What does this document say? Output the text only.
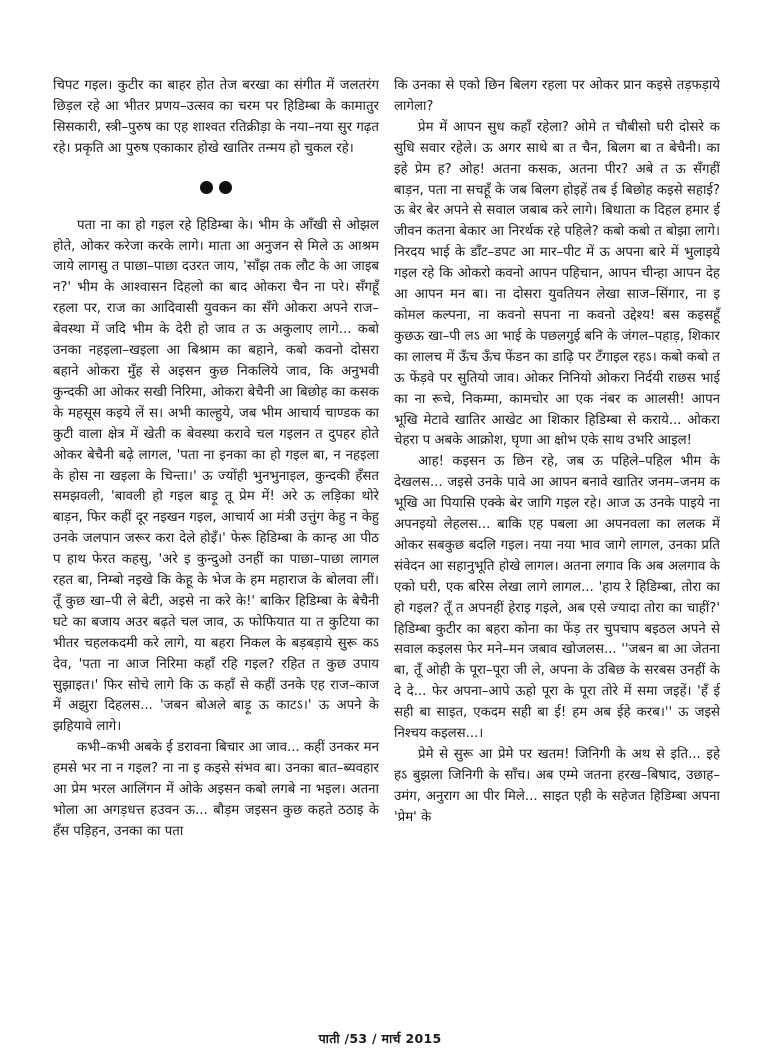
चिपट गइल। कुटीर का बाहर होत तेज बरखा का संगीत में जलतरंग छिड़ल रहे आ भीतर प्रणय–उत्सव का चरम पर हिडिम्बा के कामातुर सिसकारी, स्त्री–पुरुष का एह शाश्वत रतिक्रीड़ा के नया–नया सुर गढ़त रहे। प्रकृति आ पुरुष एकाकार होखे खातिर तन्मय हो चुकल रहे।

पता ना का हो गइल रहे हिडिम्बा के। भीम के आँखी से ओझल होते, ओकर करेजा करके लागे। माता आ अनुजन से मिले ऊ आश्रम जाये लागसु त पाछा–पाछा दउरत जाय, 'साँझ तक लौट के आ जाइब न?' भीम के आश्वासन दिहलो का बाद ओकरा चैन ना परे। सँगहूँ रहला पर, राज का आदिवासी युवकन का सँगे ओकरा अपने राज–बेवस्था में जदि भीम के देरी हो जाव त ऊ अकुलाए लागे... कबो उनका नहइला–खइला आ बिश्राम का बहाने, कबो कवनो दोसरा बहाने ओकरा मुँह से अइसन कुछ निकलिये जाव, कि अनुभवी कुन्दकी आ ओकर सखी निरिमा, ओकरा बेचैनी आ बिछोह का कसक के महसूस कइये लें स। अभी काल्हुये, जब भीम आचार्य चाण्डक का कुटी वाला क्षेत्र में खेती क बेवस्था करावे चल गइलन त दुपहर होते ओकर बेचैनी बढ़े लागल, 'पता ना इनका का हो गइल बा, न नहइला के होस ना खइला के चिन्ता।' ऊ ज्योंही भुनभुनाइल, कुन्दकी हँसत समझवली, 'बावली हो गइल बाड़ू तू प्रेम में! अरे ऊ लड़िका थोरे बाड़न, फिर कहीं दूर नइखन गइल, आचार्य आ मंत्री उत्तुंग केहु न केहु उनके जलपान जरूर करा देले होइँ।' फेरू हिडिम्बा के कान्ह आ पीठ प हाथ फेरत कहसु, 'अरे इ कुन्दुओ उनहीं का पाछा–पाछा लागल रहत बा, निम्बो नइखे कि केहू के भेज के हम महाराज के बोलवा लीं। तूँ कुछ खा–पी ले बेटी, अइसे ना करे के!' बाकिर हिडिम्बा के बेचैनी घटे का बजाय अउर बढ़ते चल जाव, ऊ फोफियात या त कुटिया का भीतर चहलकदमी करे लागे, या बहरा निकल के बड़बड़ाये सुरू कऽ देव, 'पता ना आज निरिमा कहाँ रहि गइल? रहित त कुछ उपाय सुझाइत।' फिर सोचे लागे कि ऊ कहाँ से कहीं उनके एह राज–काज में अझुरा दिहलस... 'जबन बोअले बाड़ू ऊ काटऽ।' ऊ अपने के झहियावे लागे।

कभी–कभी अबके ई डरावना बिचार आ जाव... कहीं उनकर मन हमसे भर ना न गइल? ना ना इ कइसे संभव बा। उनका बात–ब्यवहार आ प्रेम भरल आलिंगन में ओके अइसन कबो लगबे ना भइल। अतना भोला आ अगड़धत्त हउवन ऊ... बौड़म जइसन कुछ कहते ठठाइ के हँस पड़िहन, उनका का पता

कि उनका से एको छिन बिलग रहला पर ओकर प्रान कइसे तड़फड़ाये लागेला?

प्रेम में आपन सुध कहाँ रहेला? ओमे त चौबीसो घरी दोसरे क सुधि सवार रहेले। ऊ अगर साथे बा त चैन, बिलग बा त बेचैनी। का इहे प्रेम ह? ओह! अतना कसक, अतना पीर? अबे त ऊ सँगहीं बाड़न, पता ना सचहूँ के जब बिलग होइहें तब ई बिछोह कइसे सहाई? ऊ बेर बेर अपने से सवाल जबाब करे लागे। बिधाता क दिहल हमार ई जीवन कतना बेकार आ निरर्थक रहे पहिले? कबो कबो त बोझा लागे। निरदय भाई के डाँट–डपट आ मार–पीट में ऊ अपना बारे में भुलाइये गइल रहे कि ओकरो कवनो आपन पहिचान, आपन चीन्हा आपन देह आ आपन मन बा। ना दोसरा युवतियन लेखा साज–सिंगार, ना इ कोमल कल्पना, ना कवनो सपना ना कवनो उद्देश्य! बस कइसहूँ कुछऊ खा–पी लऽ आ भाई के पछलगुई बनि के जंगल–पहाड़, शिकार का लालच में ऊँच ऊँच फेंडन का डाढ़ि पर टँगाइल रहऽ। कबो कबो त ऊ फेंड़वे पर सुतियो जाव। ओकर निनियो ओकरा निर्दयी राछस भाई का ना रूचे, निकम्मा, कामचोर आ एक नंबर क आलसी! आपन भूखि मेटावे खातिर आखेट आ शिकार हिडिम्बा से कराये... ओकरा चेहरा प अबके आक्रोश, घृणा आ क्षोभ एके साथ उभरि आइल!

आह! कइसन ऊ छिन रहे, जब ऊ पहिले–पहिल भीम के देखलस... जइसे उनके पावे आ आपन बनावे खातिर जनम–जनम क भूखि आ पियासि एक्के बेर जागि गइल रहे। आज ऊ उनके पाइये ना अपनइयो लेहलस... बाकि एह पबला आ अपनवला का ललक में ओकर सबकुछ बदलि गइल। नया नया भाव जागे लागल, उनका प्रति संवेदन आ सहानुभूति होखे लागल। अतना लगाव कि अब अलगाव के एको घरी, एक बरिस लेखा लागे लागल... 'हाय रे हिडिम्बा, तोरा का हो गइल? तूँ त अपनहीं हेराइ गइले, अब एसे ज्यादा तोरा का चाहीं?' हिडिम्बा कुटीर का बहरा कोना का फेंड़ तर चुपचाप बइठल अपने से सवाल कइलस फेर मने–मन जबाव खोजलस... ''जबन बा आ जेतना बा, तूँ ओही के पूरा–पूरा जी ले, अपना के उबिछ के सरबस उनहीं के दे दे... फेर अपना–आपे ऊहो पूरा के पूरा तोरे में समा जइहें। 'हँ ई सही बा साइत, एकदम सही बा ई! हम अब ईहे करब।'' ऊ जइसे निश्चय कइलस...।

प्रेमे से सुरू आ प्रेमे पर खतम! जिनिगी के अथ से इति... इहे हऽ बुझला जिनिगी के साँच। अब एम्मे जतना हरख–बिषाद, उछाह–उमंग, अनुराग आ पीर मिले... साइत एही के सहेजत हिडिम्बा अपना 'प्रेम' के

पाती /53 / मार्च 2015
